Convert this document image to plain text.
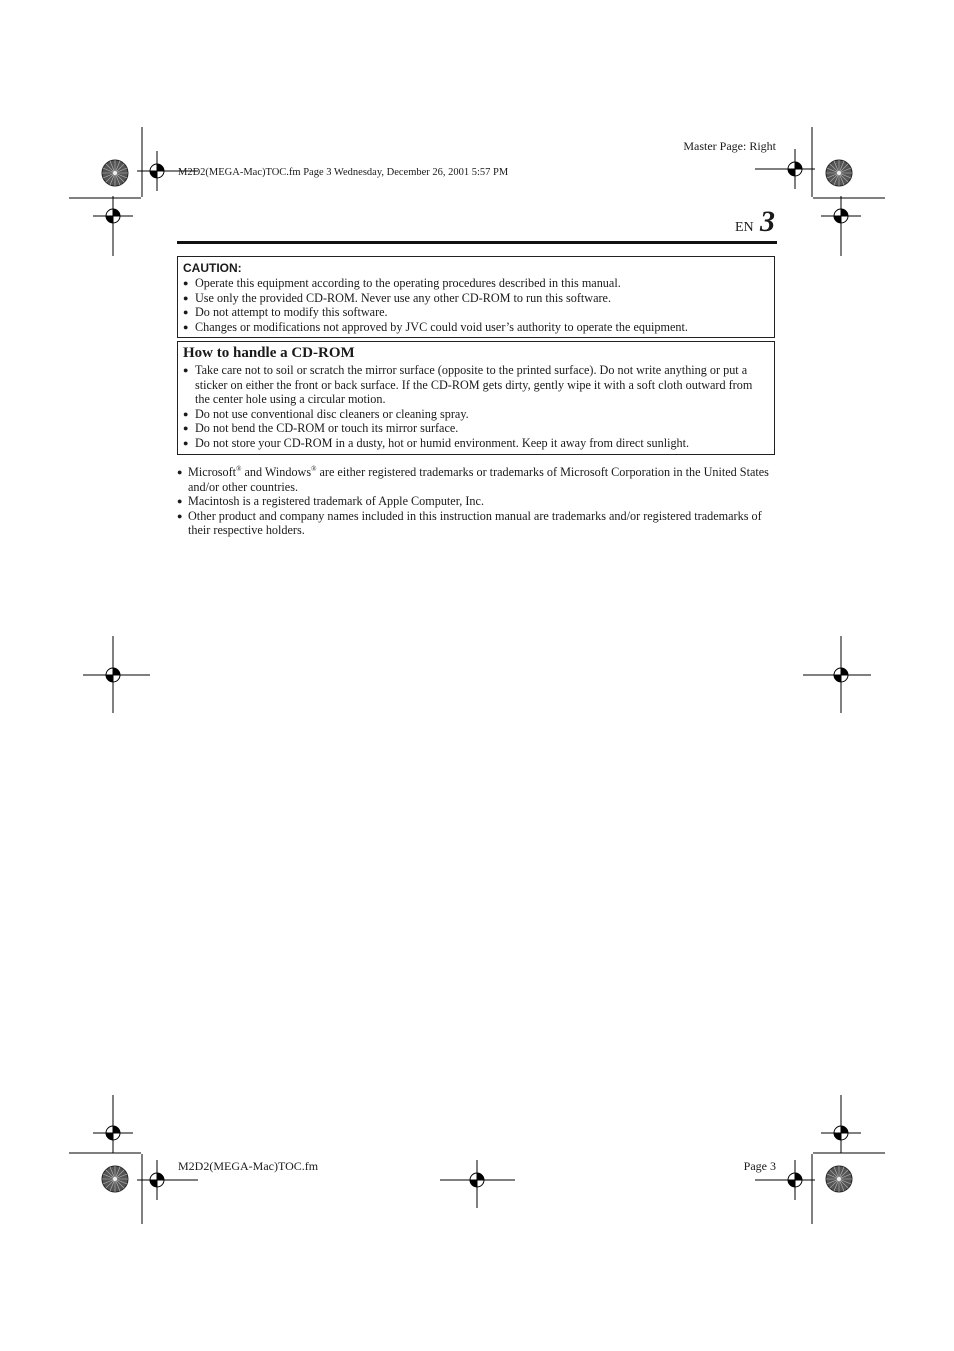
Master Page: Right
M2D2(MEGA-Mac)TOC.fm Page 3 Wednesday, December 26, 2001 5:57 PM
EN 3
CAUTION:
● Operate this equipment according to the operating procedures described in this manual.
● Use only the provided CD-ROM. Never use any other CD-ROM to run this software.
● Do not attempt to modify this software.
● Changes or modifications not approved by JVC could void user’s authority to operate the equipment.
How to handle a CD-ROM
● Take care not to soil or scratch the mirror surface (opposite to the printed surface). Do not write anything or put a sticker on either the front or back surface. If the CD-ROM gets dirty, gently wipe it with a soft cloth outward from the center hole using a circular motion.
● Do not use conventional disc cleaners or cleaning spray.
● Do not bend the CD-ROM or touch its mirror surface.
● Do not store your CD-ROM in a dusty, hot or humid environment. Keep it away from direct sunlight.
● Microsoft® and Windows® are either registered trademarks or trademarks of Microsoft Corporation in the United States and/or other countries.
● Macintosh is a registered trademark of Apple Computer, Inc.
● Other product and company names included in this instruction manual are trademarks and/or registered trademarks of their respective holders.
M2D2(MEGA-Mac)TOC.fm	Page 3
